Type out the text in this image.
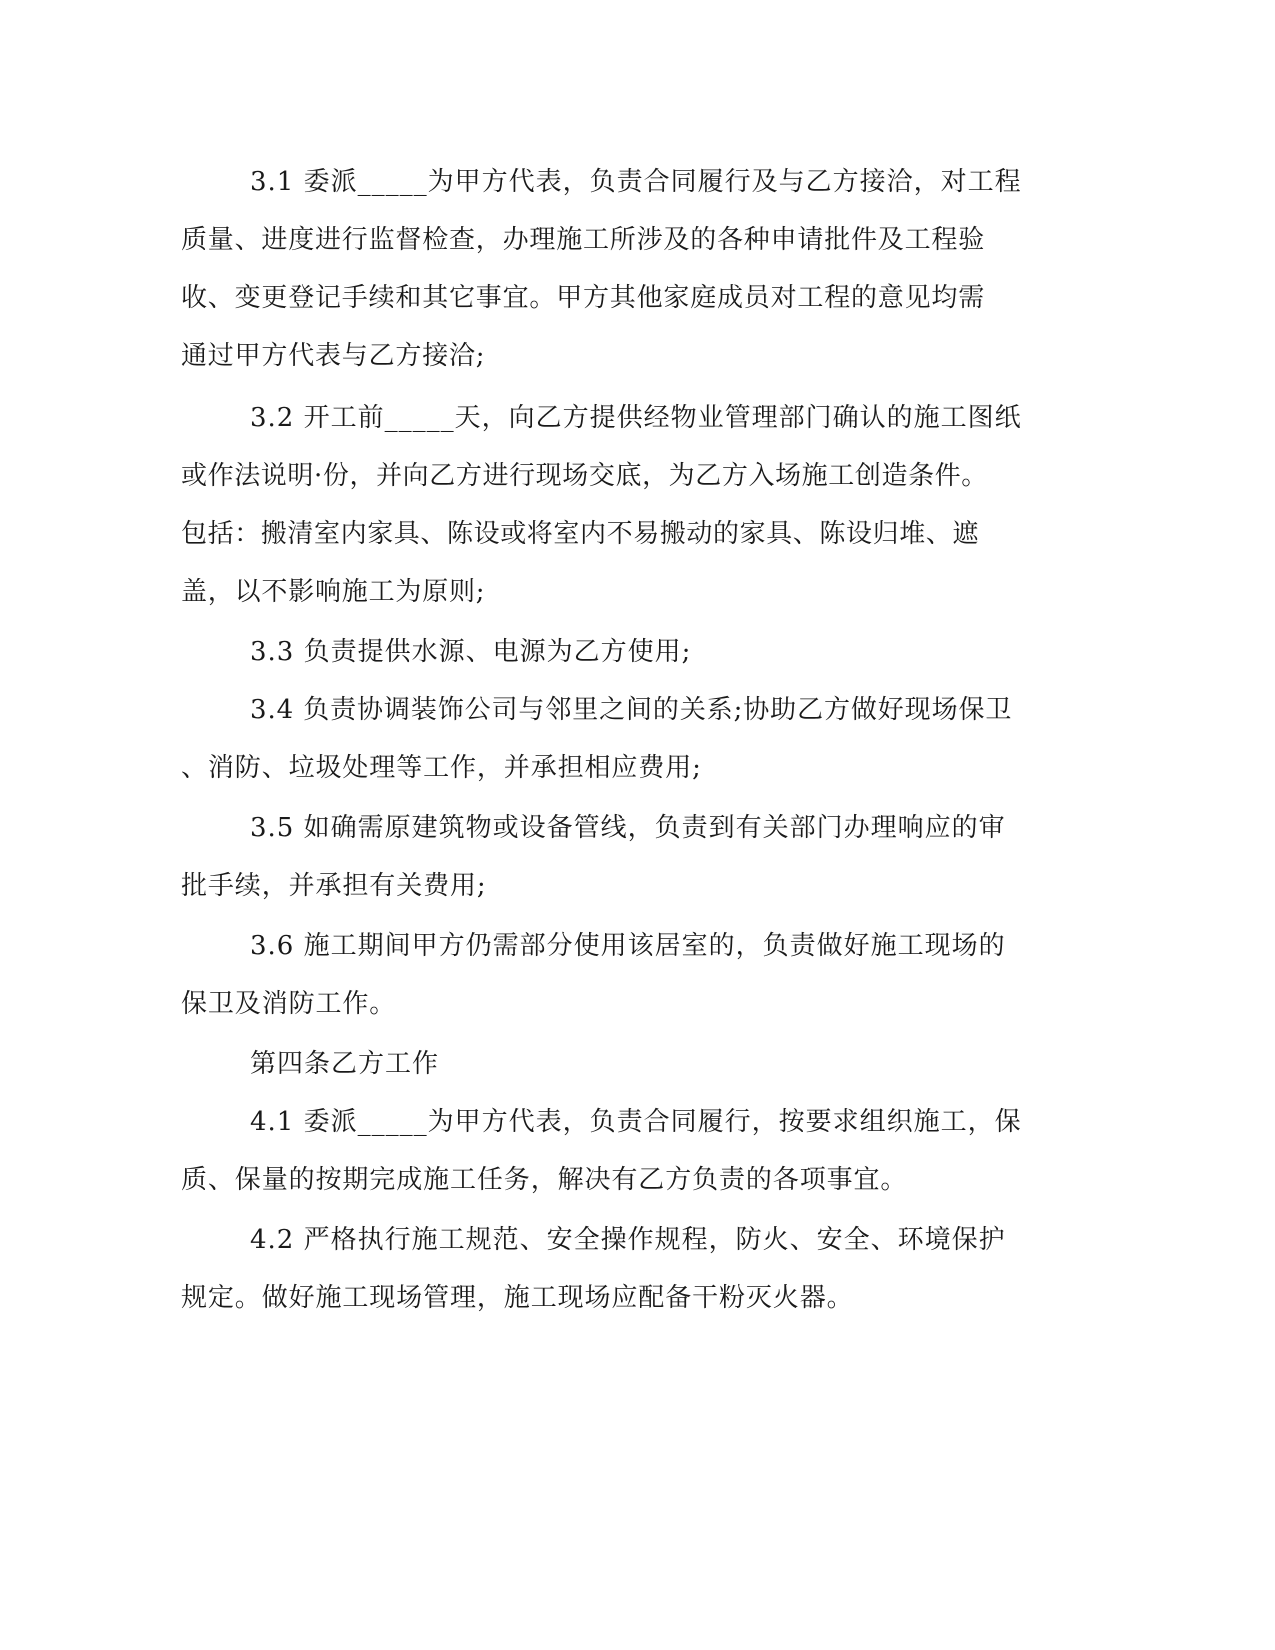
3.1 委派_____为甲方代表，负责合同履行及与乙方接洽，对工程

质量、进度进行监督检查，办理施工所涉及的各种申请批件及工程验

收、变更登记手续和其它事宜。甲方其他家庭成员对工程的意见均需

通过甲方代表与乙方接洽;

3.2 开工前_____天，向乙方提供经物业管理部门确认的施工图纸

或作法说明·份，并向乙方进行现场交底，为乙方入场施工创造条件。

包括：搬清室内家具、陈设或将室内不易搬动的家具、陈设归堆、遮

盖，以不影响施工为原则;

3.3 负责提供水源、电源为乙方使用;

3.4 负责协调装饰公司与邻里之间的关系;协助乙方做好现场保卫

、消防、垃圾处理等工作，并承担相应费用;

3.5 如确需原建筑物或设备管线，负责到有关部门办理响应的审

批手续，并承担有关费用;

3.6 施工期间甲方仍需部分使用该居室的，负责做好施工现场的

保卫及消防工作。

第四条乙方工作

4.1 委派_____为甲方代表，负责合同履行，按要求组织施工，保

质、保量的按期完成施工任务，解决有乙方负责的各项事宜。

4.2 严格执行施工规范、安全操作规程，防火、安全、环境保护

规定。做好施工现场管理，施工现场应配备干粉灭火器。
